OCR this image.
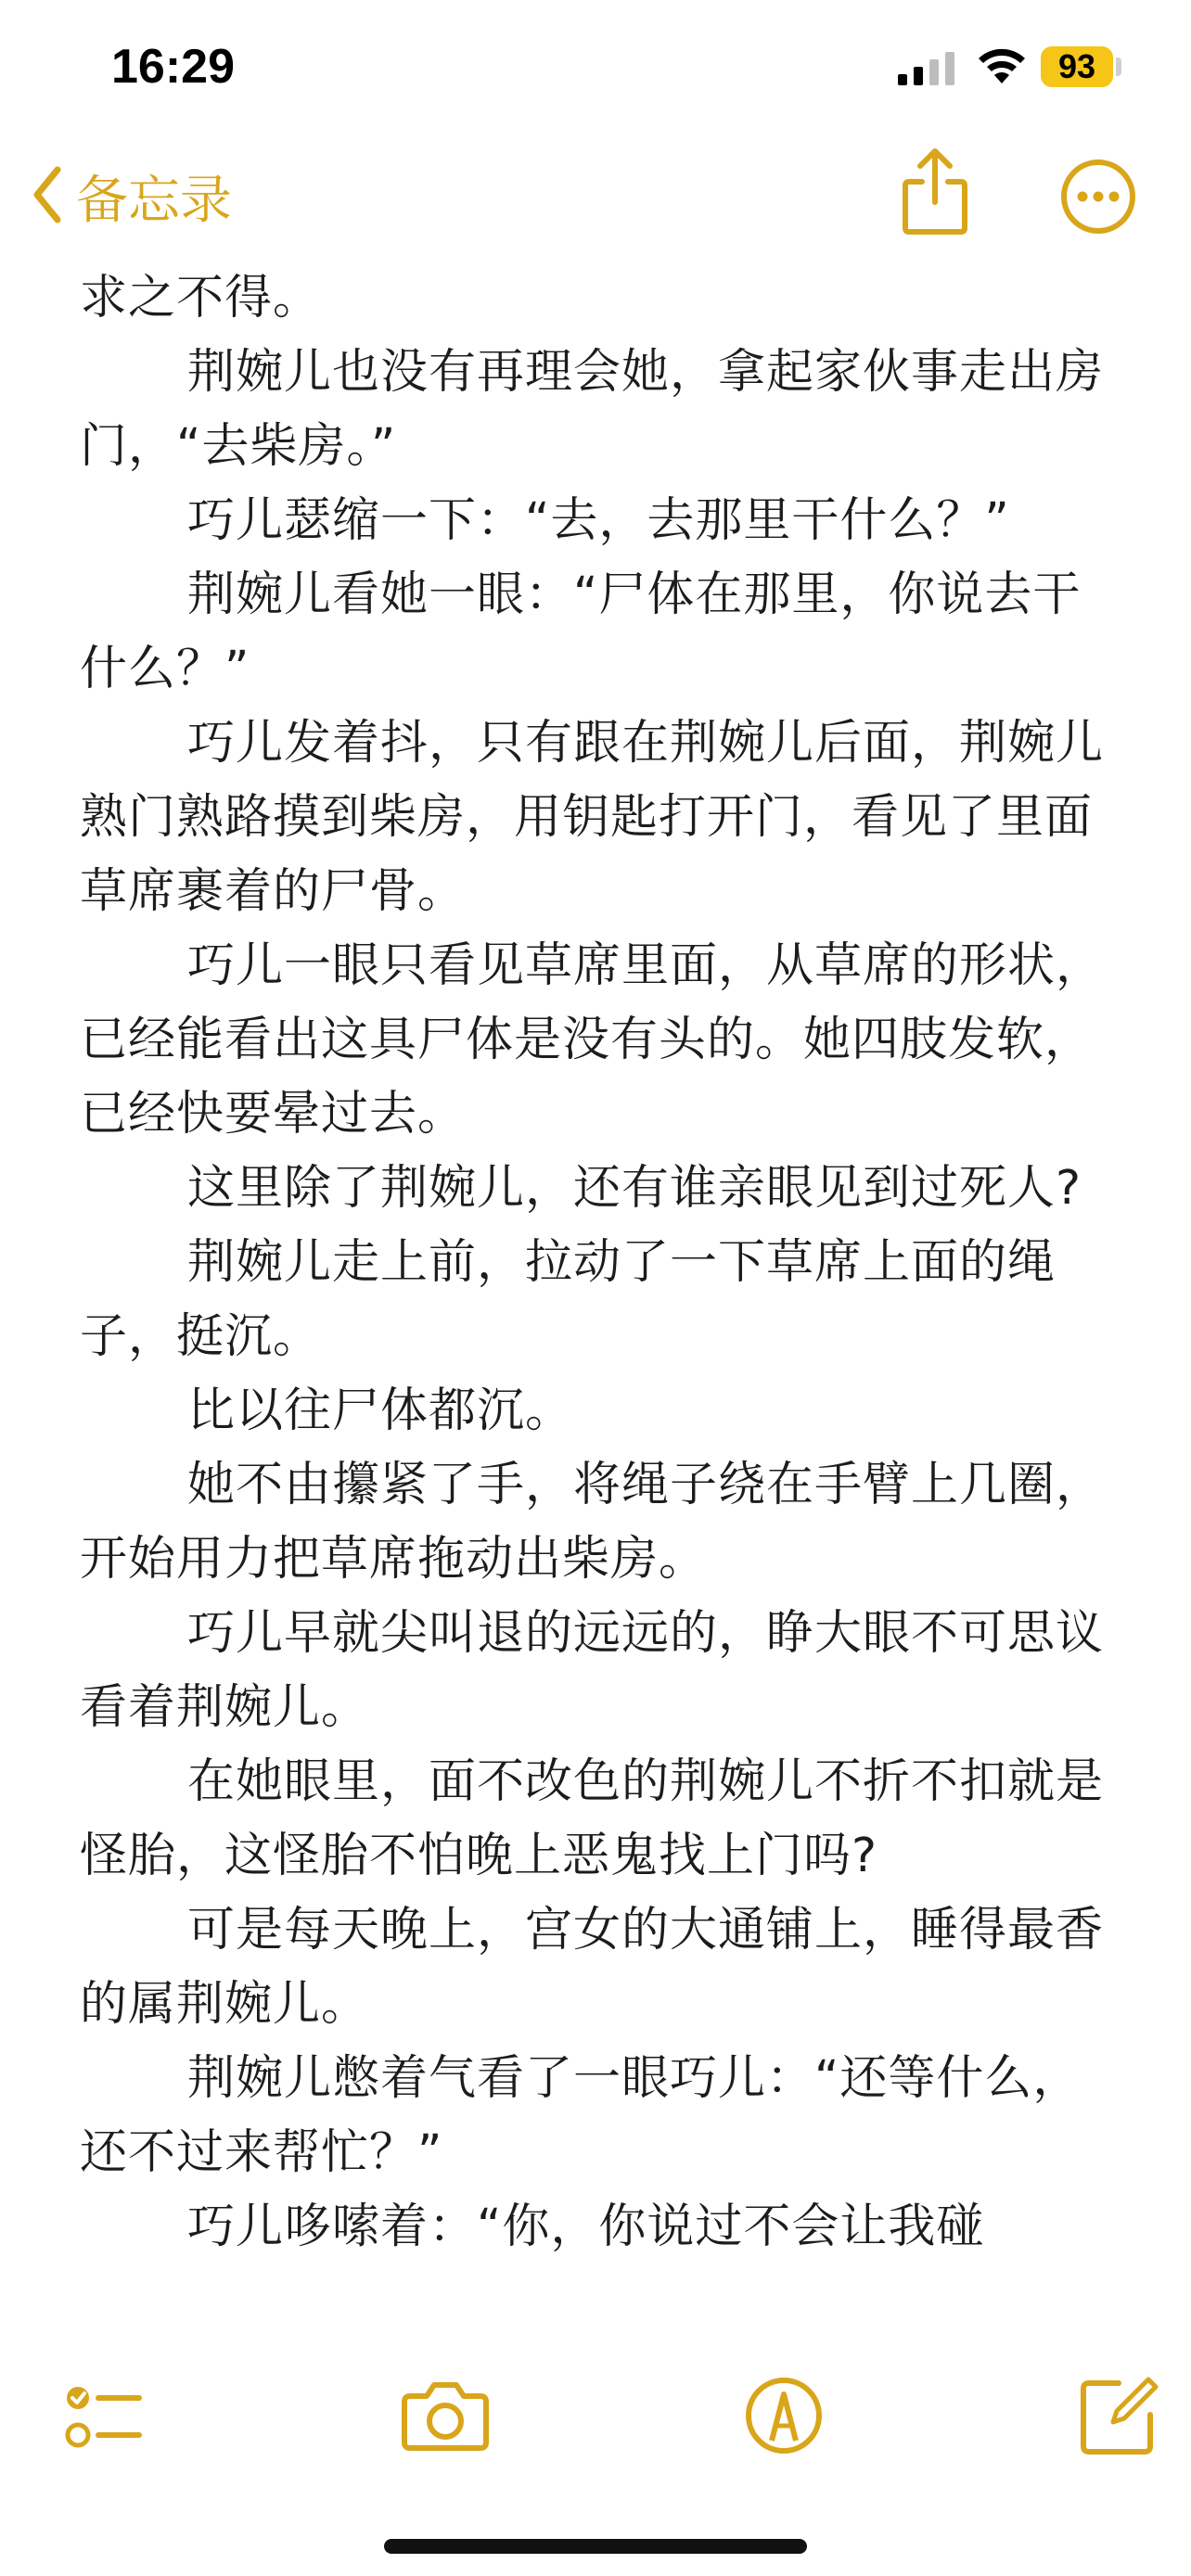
16:29	93
备忘录

求之不得。

荆婉儿也没有再理会她，拿起家伙事走出房门，“去柴房。”

巧儿瑟缩一下：“去，去那里干什么？”

荆婉儿看她一眼：“尸体在那里，你说去干什么？”

巧儿发着抖，只有跟在荆婉儿后面，荆婉儿熟门熟路摸到柴房，用钥匙打开门，看见了里面草席裹着的尸骨。

巧儿一眼只看见草席里面，从草席的形状，已经能看出这具尸体是没有头的。她四肢发软，已经快要晕过去。

这里除了荆婉儿，还有谁亲眼见到过死人?

荆婉儿走上前，拉动了一下草席上面的绳子，挺沉。

比以往尸体都沉。

她不由攥紧了手，将绳子绕在手臂上几圈，开始用力把草席拖动出柴房。

巧儿早就尖叫退的远远的，睁大眼不可思议看着荆婉儿。

在她眼里，面不改色的荆婉儿不折不扣就是怪胎，这怪胎不怕晚上恶鬼找上门吗?

可是每天晚上，宫女的大通铺上，睡得最香的属荆婉儿。

荆婉儿憋着气看了一眼巧儿：“还等什么，还不过来帮忙？”

巧儿哆嗦着：“你，你说过不会让我碰
